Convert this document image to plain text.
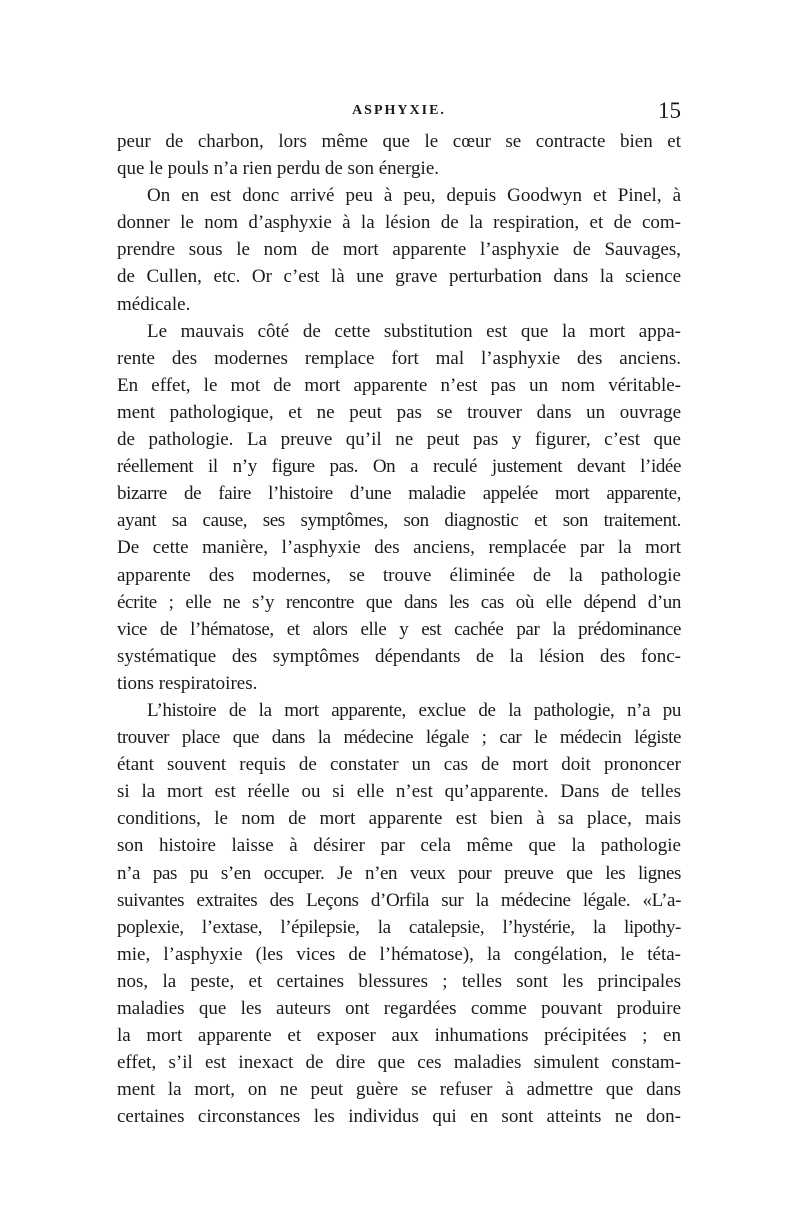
ASPHYXIE.	15
peur de charbon, lors même que le cœur se contracte bien et
que le pouls n’a rien perdu de son énergie.
On en est donc arrivé peu à peu, depuis Goodwyn et Pinel, à
donner le nom d’asphyxie à la lésion de la respiration, et de com-
prendre sous le nom de mort apparente l’asphyxie de Sauvages,
de Cullen, etc. Or c’est là une grave perturbation dans la science
médicale.
Le mauvais côté de cette substitution est que la mort appa-
rente des modernes remplace fort mal l’asphyxie des anciens.
En effet, le mot de mort apparente n’est pas un nom véritable-
ment pathologique, et ne peut pas se trouver dans un ouvrage
de pathologie. La preuve qu’il ne peut pas y figurer, c’est que
réellement il n’y figure pas. On a reculé justement devant l’idée
bizarre de faire l’histoire d’une maladie appelée mort apparente,
ayant sa cause, ses symptômes, son diagnostic et son traitement.
De cette manière, l’asphyxie des anciens, remplacée par la mort
apparente des modernes, se trouve éliminée de la pathologie
écrite ; elle ne s’y rencontre que dans les cas où elle dépend d’un
vice de l’hématose, et alors elle y est cachée par la prédominance
systématique des symptômes dépendants de la lésion des fonc-
tions respiratoires.
L’histoire de la mort apparente, exclue de la pathologie, n’a pu
trouver place que dans la médecine légale ; car le médecin légiste
étant souvent requis de constater un cas de mort doit prononcer
si la mort est réelle ou si elle n’est qu’apparente. Dans de telles
conditions, le nom de mort apparente est bien à sa place, mais
son histoire laisse à désirer par cela même que la pathologie
n’a pas pu s’en occuper. Je n’en veux pour preuve que les lignes
suivantes extraites des Leçons d’Orfila sur la médecine légale. «L’a-
poplexie, l’extase, l’épilepsie, la catalepsie, l’hystérie, la lipothy-
mie, l’asphyxie (les vices de l’hématose), la congélation, le téta-
nos, la peste, et certaines blessures ; telles sont les principales
maladies que les auteurs ont regardées comme pouvant produire
la mort apparente et exposer aux inhumations précipitées ; en
effet, s’il est inexact de dire que ces maladies simulent constam-
ment la mort, on ne peut guère se refuser à admettre que dans
certaines circonstances les individus qui en sont atteints ne don-
